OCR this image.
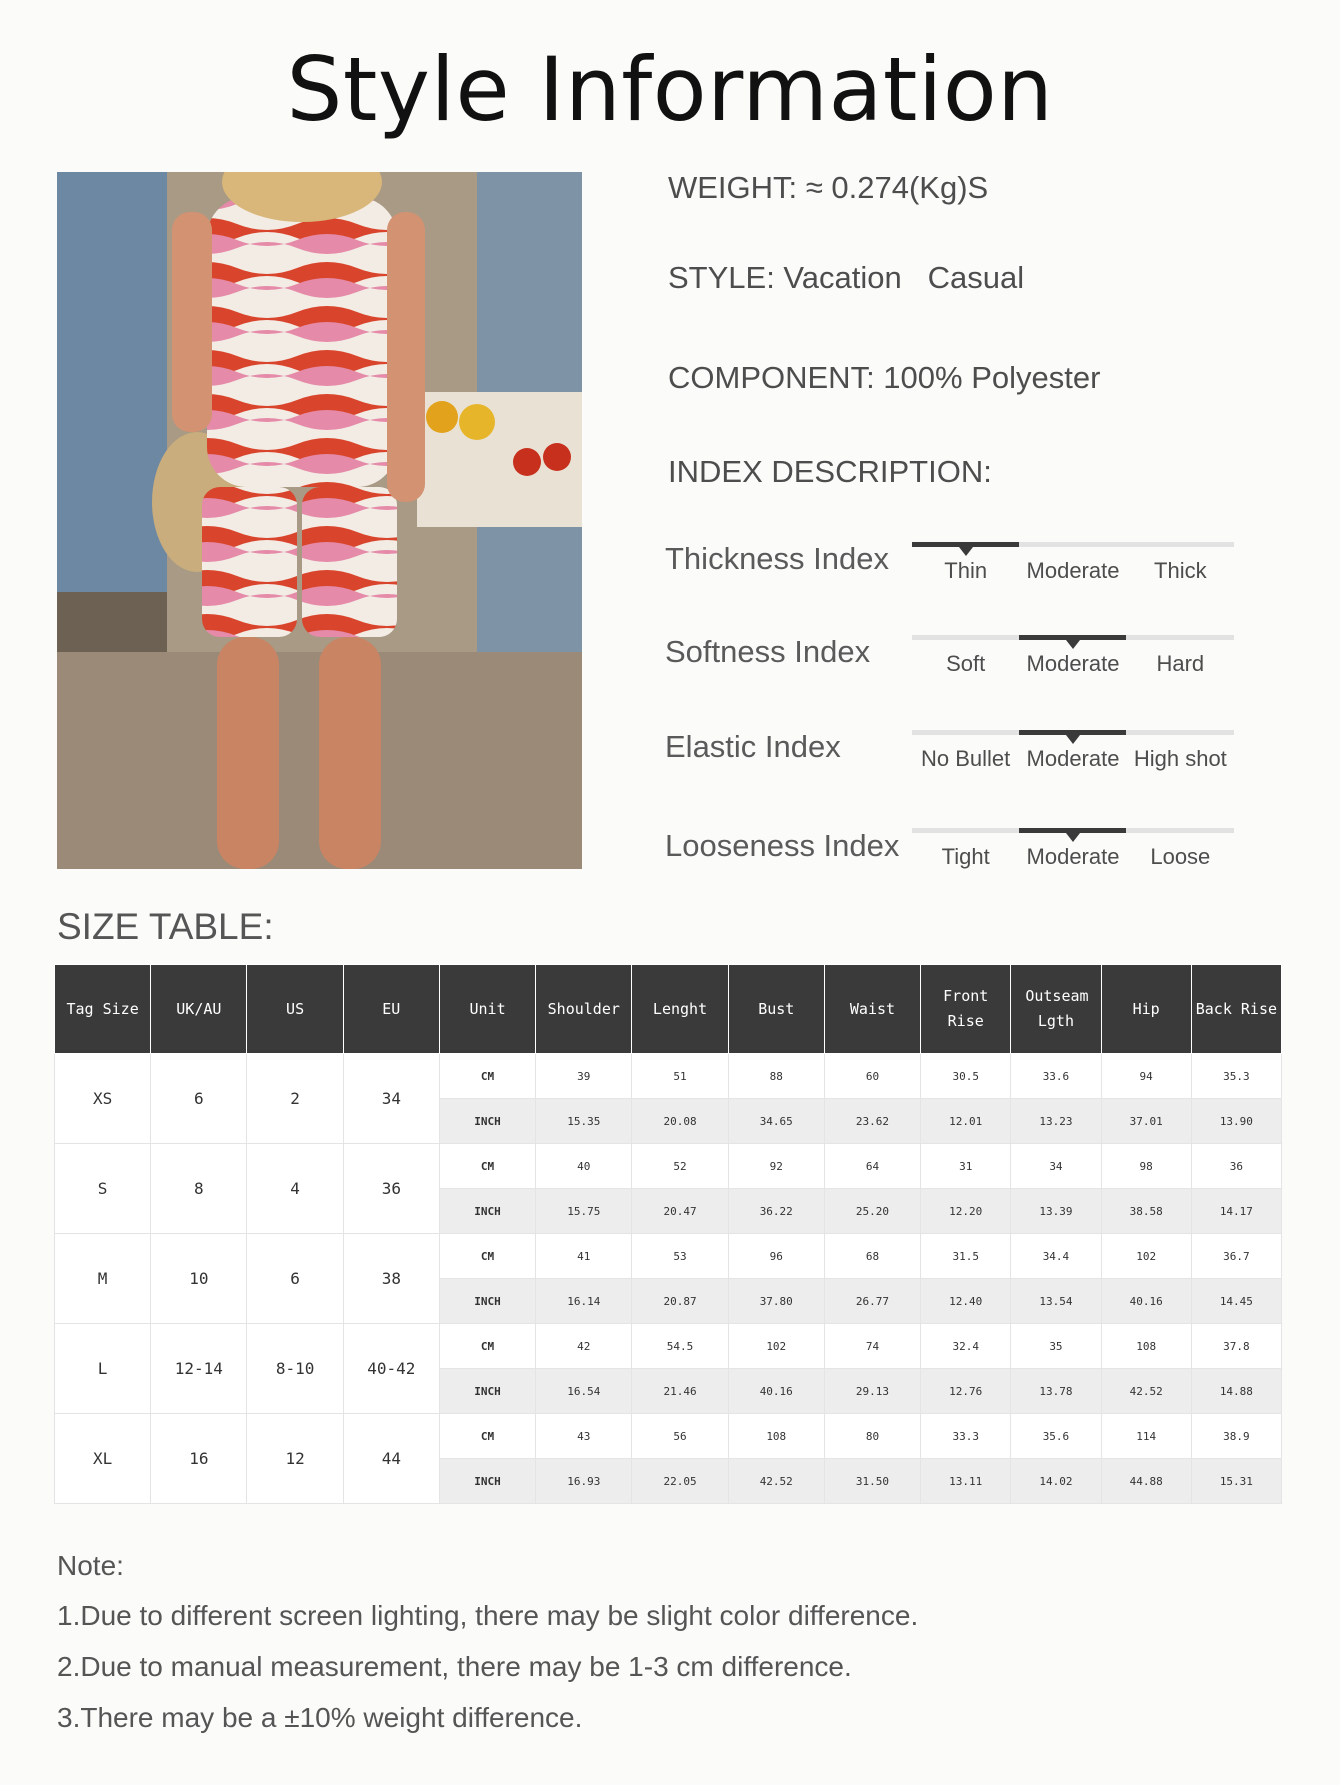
Style Information
WEIGHT: ≈ 0.274(Kg)S
STYLE: Vacation   Casual
COMPONENT: 100% Polyester
INDEX DESCRIPTION:
Thickness Index	Thin	Moderate	Thick
Softness Index	Soft	Moderate	Hard
Elastic Index	No Bullet Moderate High shot
Looseness Index	Tight	Moderate	Loose
SIZE TABLE:
Tag Size	UK/AU	US	EU	Unit	Shoulder	Lenght	Bust	Waist	Front Rise	Outseam Lgth	Hip	Back Rise
XS	6	2	34	CM	39	51	88	60	30.5	33.6	94	35.3
				INCH	15.35	20.08	34.65	23.62	12.01	13.23	37.01	13.90
S	8	4	36	CM	40	52	92	64	31	34	98	36
				INCH	15.75	20.47	36.22	25.20	12.20	13.39	38.58	14.17
M	10	6	38	CM	41	53	96	68	31.5	34.4	102	36.7
				INCH	16.14	20.87	37.80	26.77	12.40	13.54	40.16	14.45
L	12-14	8-10	40-42	CM	42	54.5	102	74	32.4	35	108	37.8
				INCH	16.54	21.46	40.16	29.13	12.76	13.78	42.52	14.88
XL	16	12	44	CM	43	56	108	80	33.3	35.6	114	38.9
				INCH	16.93	22.05	42.52	31.50	13.11	14.02	44.88	15.31
Note:
1.Due to different screen lighting, there may be slight color difference.
2.Due to manual measurement, there may be 1-3 cm difference.
3.There may be a ±10% weight difference.
